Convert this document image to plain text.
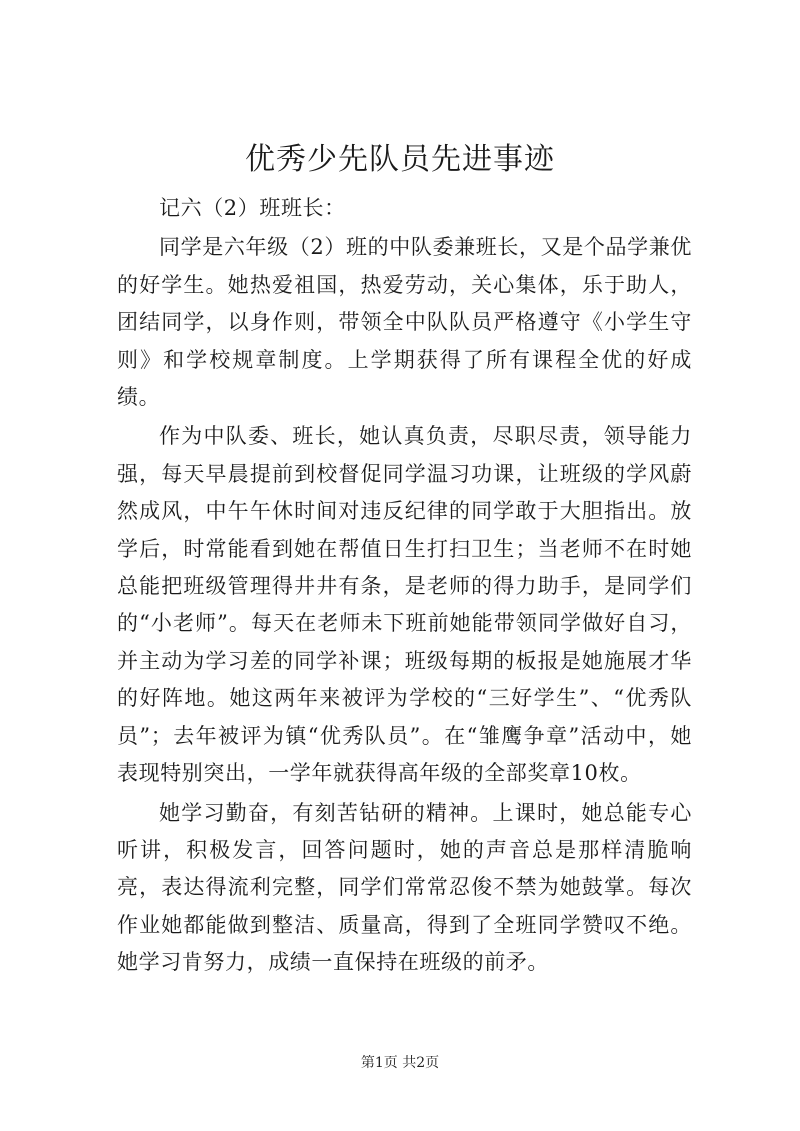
优秀少先队员先进事迹

记六（2）班班长：

同学是六年级（2）班的中队委兼班长，又是个品学兼优的好学生。她热爱祖国，热爱劳动，关心集体，乐于助人，团结同学，以身作则，带领全中队队员严格遵守《小学生守则》和学校规章制度。上学期获得了所有课程全优的好成绩。

作为中队委、班长，她认真负责，尽职尽责，领导能力强，每天早晨提前到校督促同学温习功课，让班级的学风蔚然成风，中午午休时间对违反纪律的同学敢于大胆指出。放学后，时常能看到她在帮值日生打扫卫生；当老师不在时她总能把班级管理得井井有条，是老师的得力助手，是同学们的“小老师”。每天在老师未下班前她能带领同学做好自习，并主动为学习差的同学补课；班级每期的板报是她施展才华的好阵地。她这两年来被评为学校的“三好学生”、“优秀队员”；去年被评为镇“优秀队员”。在“雏鹰争章”活动中，她表现特别突出，一学年就获得高年级的全部奖章10枚。

她学习勤奋，有刻苦钻研的精神。上课时，她总能专心听讲，积极发言，回答问题时，她的声音总是那样清脆响亮，表达得流利完整，同学们常常忍俊不禁为她鼓掌。每次作业她都能做到整洁、质量高，得到了全班同学赞叹不绝。她学习肯努力，成绩一直保持在班级的前矛。

第1页 共2页
